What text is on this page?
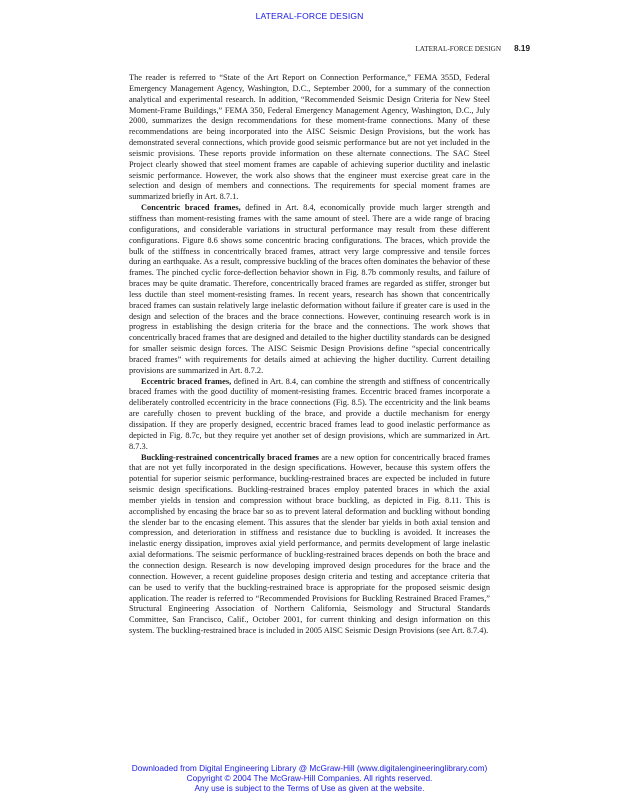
LATERAL-FORCE DESIGN
LATERAL-FORCE DESIGN 8.19

The reader is referred to “State of the Art Report on Connection Performance,” FEMA 355D, Federal Emergency Management Agency, Washington, D.C., September 2000, for a summary of the connection analytical and experimental research. In addition, “Recommended Seismic Design Criteria for New Steel Moment-Frame Buildings,” FEMA 350, Federal Emergency Management Agency, Washington, D.C., July 2000, summarizes the design recommendations for these moment-frame connections. Many of these recommendations are being incorporated into the AISC Seismic Design Provisions, but the work has demonstrated several connections, which provide good seismic performance but are not yet included in the seismic provisions. These reports provide information on these alternate connections. The SAC Steel Project clearly showed that steel moment frames are capable of achieving superior ductility and inelastic seismic performance. However, the work also shows that the engineer must exercise great care in the selection and design of members and connections. The requirements for special moment frames are summarized briefly in Art. 8.7.1.

Concentric braced frames, defined in Art. 8.4, economically provide much larger strength and stiffness than moment-resisting frames with the same amount of steel. There are a wide range of bracing configurations, and considerable variations in structural performance may result from these different configurations. Figure 8.6 shows some concentric bracing configurations. The braces, which provide the bulk of the stiffness in concentrically braced frames, attract very large compressive and tensile forces during an earthquake. As a result, compressive buckling of the braces often dominates the behavior of these frames. The pinched cyclic force-deflection behavior shown in Fig. 8.7b commonly results, and failure of braces may be quite dramatic. Therefore, concentrically braced frames are regarded as stiffer, stronger but less ductile than steel moment-resisting frames. In recent years, research has shown that concentrically braced frames can sustain relatively large inelastic deformation without failure if greater care is used in the design and selection of the braces and the brace connections. However, continuing research work is in progress in establishing the design criteria for the brace and the connections. The work shows that concentrically braced frames that are designed and detailed to the higher ductility standards can be designed for smaller seismic design forces. The AISC Seismic Design Provisions define “special concentrically braced frames” with requirements for details aimed at achieving the higher ductility. Current detailing provisions are summarized in Art. 8.7.2.

Eccentric braced frames, defined in Art. 8.4, can combine the strength and stiffness of concentrically braced frames with the good ductility of moment-resisting frames. Eccentric braced frames incorporate a deliberately controlled eccentricity in the brace connections (Fig. 8.5). The eccentricity and the link beams are carefully chosen to prevent buckling of the brace, and provide a ductile mechanism for energy dissipation. If they are properly designed, eccentric braced frames lead to good inelastic performance as depicted in Fig. 8.7c, but they require yet another set of design provisions, which are summarized in Art. 8.7.3.

Buckling-restrained concentrically braced frames are a new option for concentrically braced frames that are not yet fully incorporated in the design specifications. However, because this system offers the potential for superior seismic performance, buckling-restrained braces are expected be included in future seismic design specifications. Buckling-restrained braces employ patented braces in which the axial member yields in tension and compression without brace buckling, as depicted in Fig. 8.11. This is accomplished by encasing the brace bar so as to prevent lateral deformation and buckling without bonding the slender bar to the encasing element. This assures that the slender bar yields in both axial tension and compression, and deterioration in stiffness and resistance due to buckling is avoided. It increases the inelastic energy dissipation, improves axial yield performance, and permits development of large inelastic axial deformations. The seismic performance of buckling-restrained braces depends on both the brace and the connection design. Research is now developing improved design procedures for the brace and the connection. However, a recent guideline proposes design criteria and testing and acceptance criteria that can be used to verify that the buckling-restrained brace is appropriate for the proposed seismic design application. The reader is referred to “Recommended Provisions for Buckling Restrained Braced Frames,” Structural Engineering Association of Northern California, Seismology and Structural Standards Committee, San Francisco, Calif., October 2001, for current thinking and design information on this system. The buckling-restrained brace is included in 2005 AISC Seismic Design Provisions (see Art. 8.7.4).

Downloaded from Digital Engineering Library @ McGraw-Hill (www.digitalengineeringlibrary.com)
Copyright © 2004 The McGraw-Hill Companies. All rights reserved.
Any use is subject to the Terms of Use as given at the website.
